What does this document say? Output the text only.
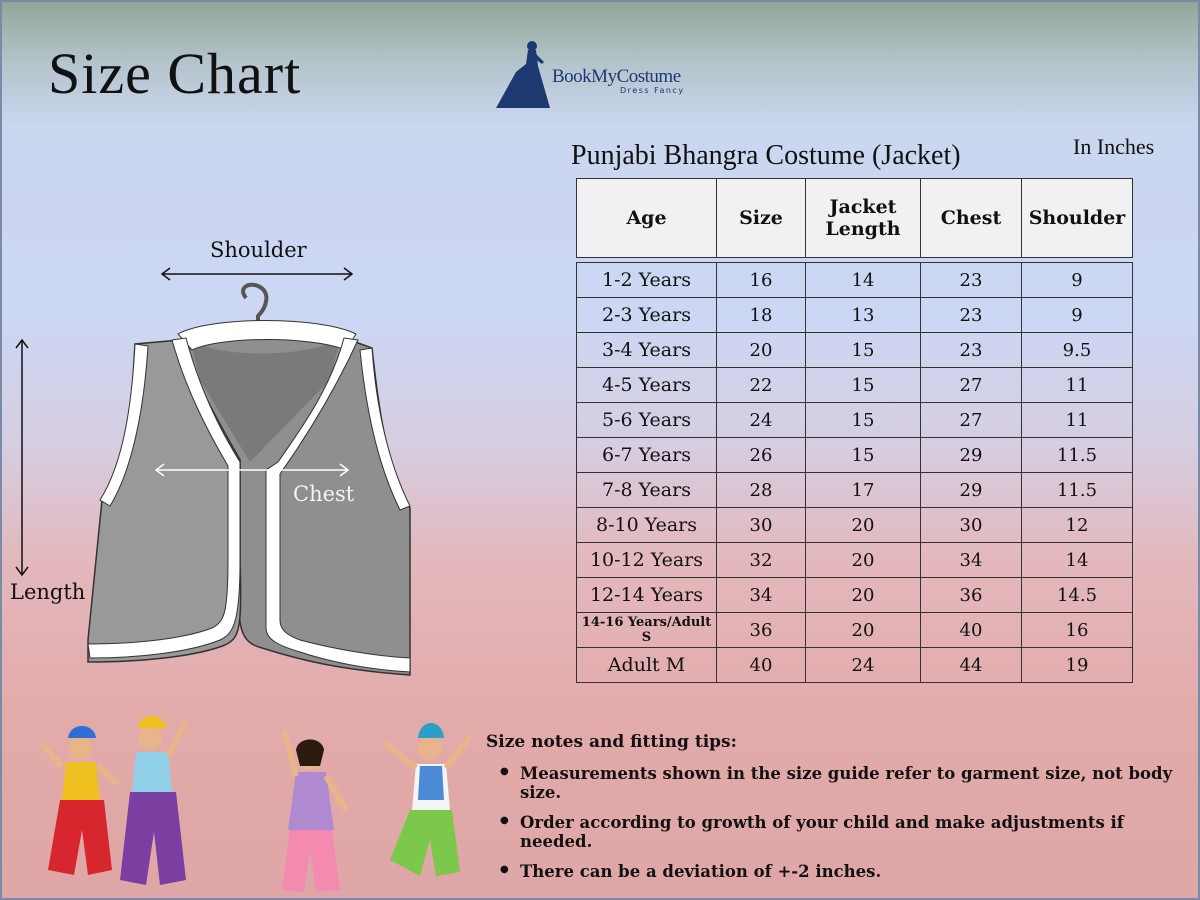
Size Chart	BookMyCostume
Dress Fancy
Punjabi Bhangra Costume (Jacket)	In Inches
Shoulder
Chest
Length
Age	Size	Jacket Length	Chest	Shoulder

1-2 Years	16	14	23	9
2-3 Years	18	13	23	9
3-4 Years	20	15	23	9.5
4-5 Years	22	15	27	11
5-6 Years	24	15	27	11
6-7 Years	26	15	29	11.5
7-8 Years	28	17	29	11.5
8-10 Years	30	20	30	12
10-12 Years	32	20	34	14
12-14 Years	34	20	36	14.5
14-16 Years/Adult S	36	20	40	16
Adult M	40	24	44	19
Size notes and fitting tips:
● Measurements shown in the size guide refer to garment size, not body size.
● Order according to growth of your child and make adjustments if needed.
● There can be a deviation of +-2 inches.
